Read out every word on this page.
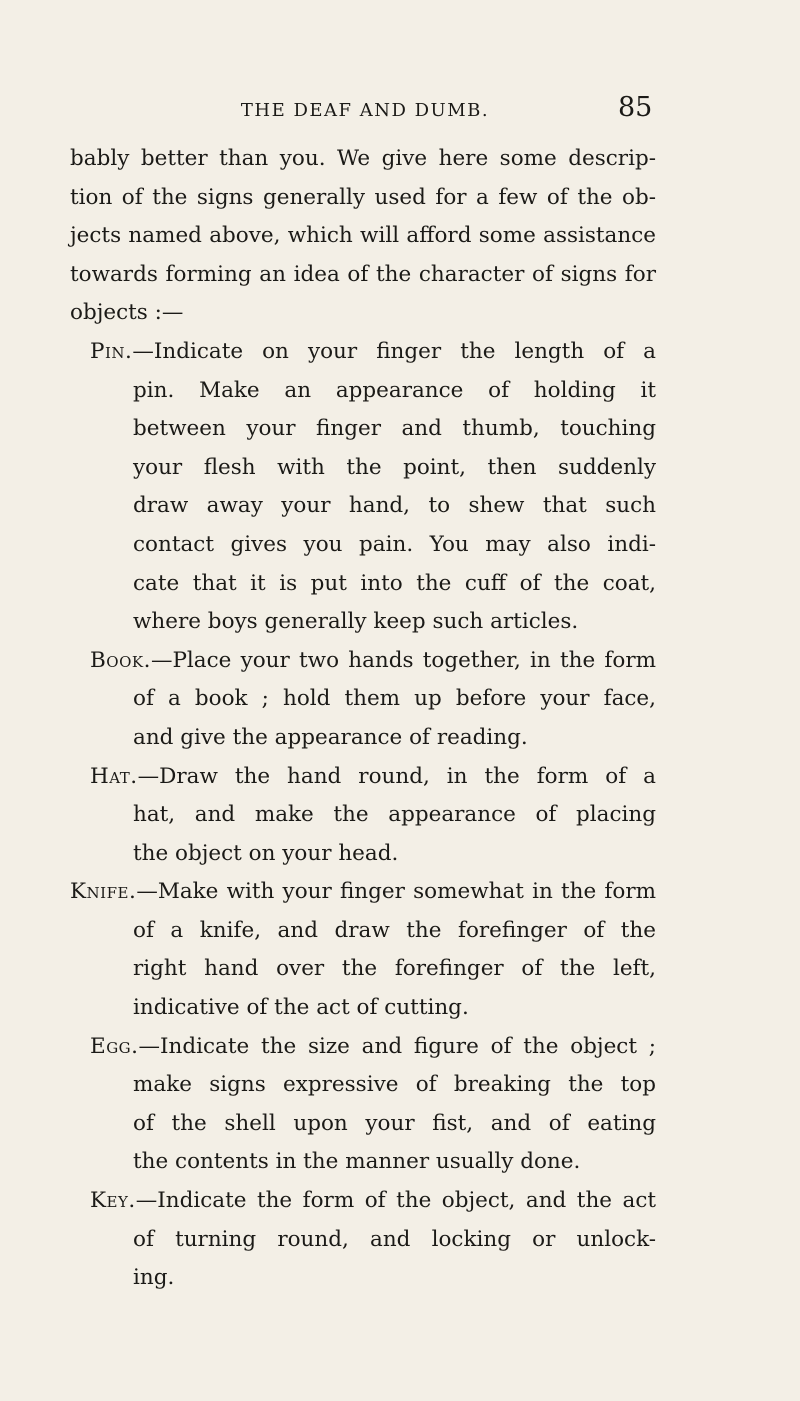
THE DEAF AND DUMB.	85
bably better than you. We give here some descrip-
tion of the signs generally used for a few of the ob-
jects named above, which will afford some assistance
towards forming an idea of the character of signs for
objects :—
Pin.—Indicate on your finger the length of a
pin. Make an appearance of holding it
between your finger and thumb, touching
your flesh with the point, then suddenly
draw away your hand, to shew that such
contact gives you pain. You may also indi-
cate that it is put into the cuff of the coat,
where boys generally keep such articles.
Book.—Place your two hands together, in the form
of a book ; hold them up before your face,
and give the appearance of reading.
Hat.—Draw the hand round, in the form of a
hat, and make the appearance of placing
the object on your head.
Knife.—Make with your finger somewhat in the form
of a knife, and draw the forefinger of the
right hand over the forefinger of the left,
indicative of the act of cutting.
Egg.—Indicate the size and figure of the object ;
make signs expressive of breaking the top
of the shell upon your fist, and of eating
the contents in the manner usually done.
Key.—Indicate the form of the object, and the act
of turning round, and locking or unlock-
ing.
